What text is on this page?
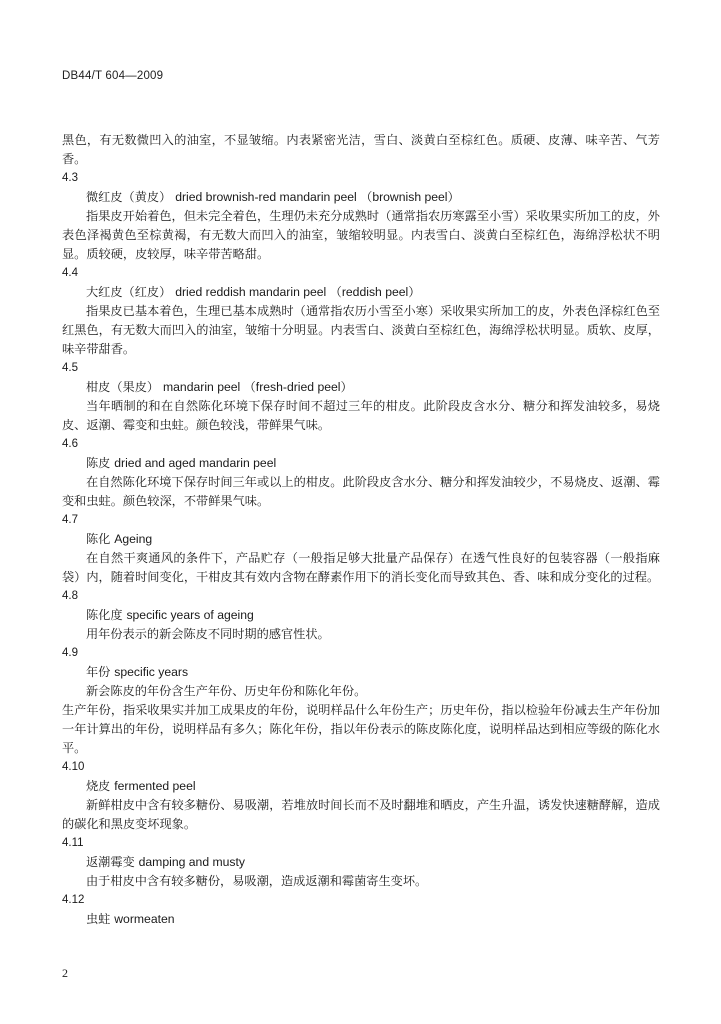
DB44/T 604—2009

黑色，有无数微凹入的油室，不显皱缩。内表紧密光洁，雪白、淡黄白至棕红色。质硬、皮薄、味辛苦、气芳香。

4.3

微红皮（黄皮） dried brownish-red mandarin peel （brownish peel）

指果皮开始着色，但未完全着色，生理仍未充分成熟时（通常指农历寒露至小雪）采收果实所加工的皮，外表色泽褐黄色至棕黄褐，有无数大而凹入的油室，皱缩较明显。内表雪白、淡黄白至棕红色，海绵浮松状不明显。质较硬，皮较厚，味辛带苦略甜。

4.4

大红皮（红皮） dried reddish mandarin peel （reddish peel）

指果皮已基本着色，生理已基本成熟时（通常指农历小雪至小寒）采收果实所加工的皮，外表色泽棕红色至红黑色，有无数大而凹入的油室，皱缩十分明显。内表雪白、淡黄白至棕红色，海绵浮松状明显。质软、皮厚，味辛带甜香。

4.5

柑皮（果皮） mandarin peel （fresh-dried peel）

当年晒制的和在自然陈化环境下保存时间不超过三年的柑皮。此阶段皮含水分、糖分和挥发油较多，易烧皮、返潮、霉变和虫蛀。颜色较浅，带鲜果气味。

4.6

陈皮 dried and aged mandarin peel

在自然陈化环境下保存时间三年或以上的柑皮。此阶段皮含水分、糖分和挥发油较少，不易烧皮、返潮、霉变和虫蛀。颜色较深，不带鲜果气味。

4.7

陈化 Ageing

在自然干爽通风的条件下，产品贮存（一般指足够大批量产品保存）在透气性良好的包装容器（一般指麻袋）内，随着时间变化，干柑皮其有效内含物在酵素作用下的消长变化而导致其色、香、味和成分变化的过程。

4.8

陈化度 specific years of ageing

用年份表示的新会陈皮不同时期的感官性状。

4.9

年份 specific years

新会陈皮的年份含生产年份、历史年份和陈化年份。

生产年份，指采收果实并加工成果皮的年份，说明样品什么年份生产；历史年份，指以检验年份减去生产年份加一年计算出的年份，说明样品有多久；陈化年份，指以年份表示的陈皮陈化度，说明样品达到相应等级的陈化水平。

4.10

烧皮 fermented peel

新鲜柑皮中含有较多糖份、易吸潮，若堆放时间长而不及时翻堆和晒皮，产生升温，诱发快速糖酵解，造成的碳化和黑皮变坏现象。

4.11

返潮霉变 damping and musty

由于柑皮中含有较多糖份，易吸潮，造成返潮和霉菌寄生变坏。

4.12

虫蛀 wormeaten

2
